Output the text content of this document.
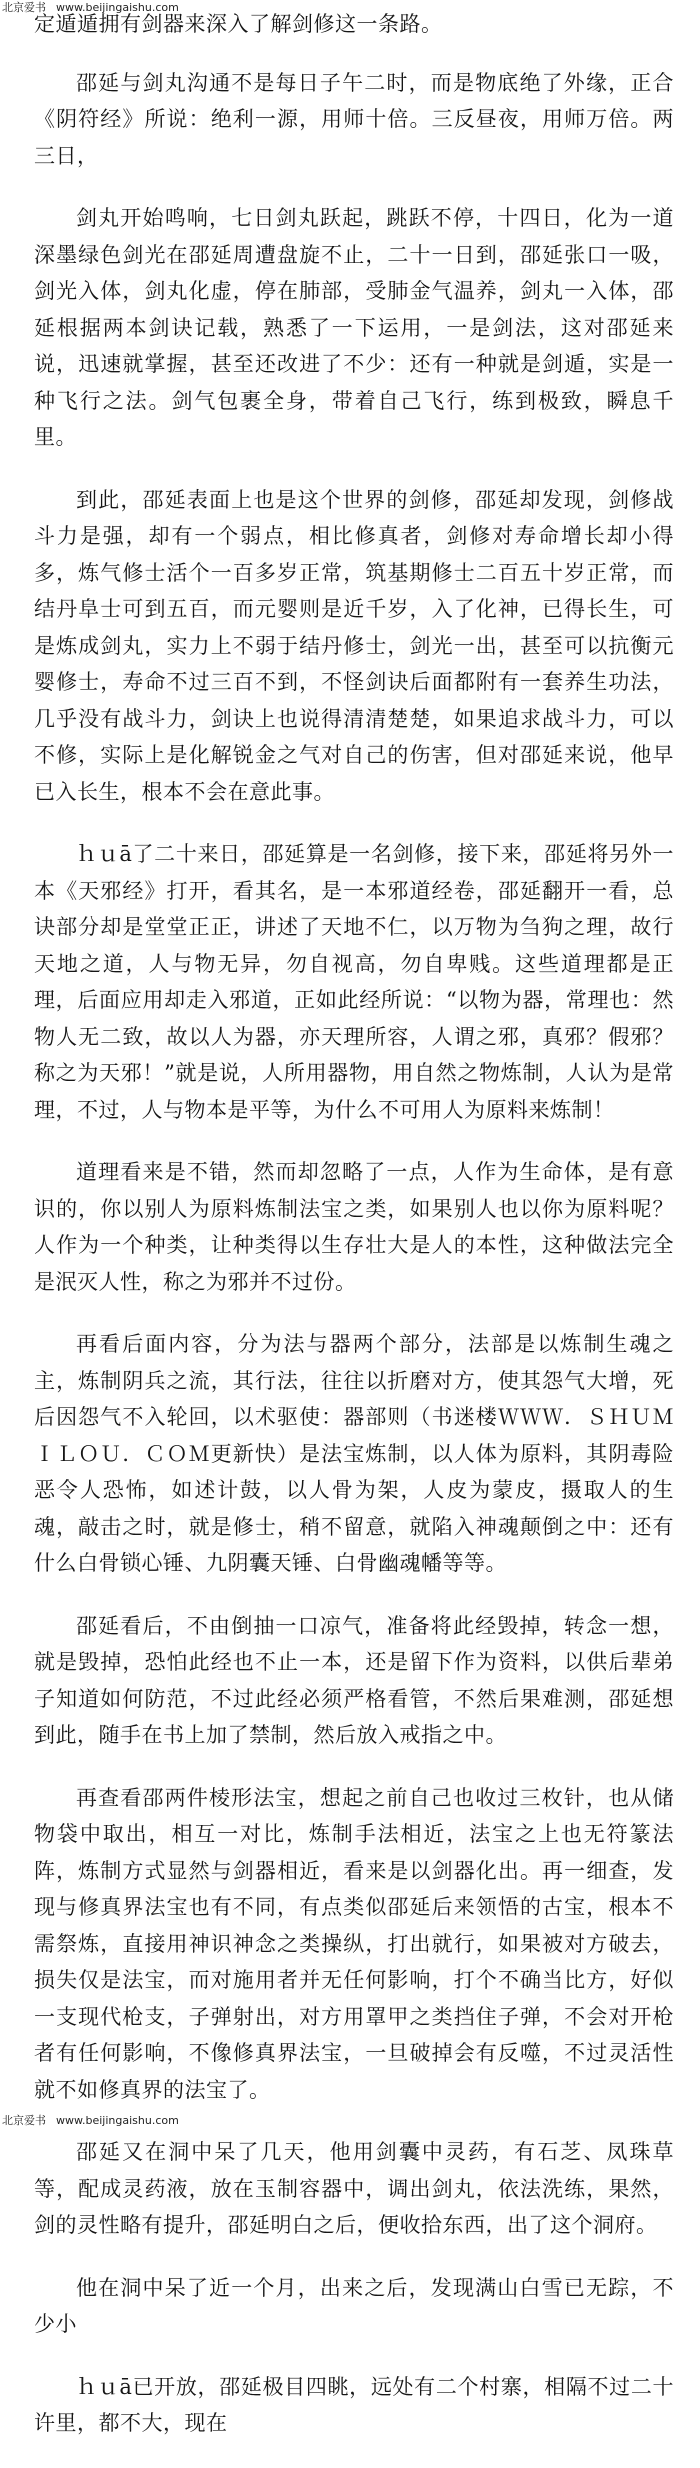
北京爱书 www.beijingaishu.com

定遁遁拥有剑器来深入了解剑修这一条路。

邵延与剑丸沟通不是每日子午二时，而是物底绝了外缘，正合《阴符经》所说：绝利一源，用师十倍。三反昼夜，用师万倍。两三日，

剑丸开始鸣响，七日剑丸跃起，跳跃不停，十四日，化为一道深墨绿色剑光在邵延周遭盘旋不止，二十一日到，邵延张口一吸，剑光入体，剑丸化虚，停在肺部，受肺金气温养，剑丸一入体，邵延根据两本剑诀记载，熟悉了一下运用，一是剑法，这对邵延来说，迅速就掌握，甚至还改进了不少：还有一种就是剑遁，实是一种飞行之法。剑气包裹全身，带着自己飞行，练到极致，瞬息千里。

到此，邵延表面上也是这个世界的剑修，邵延却发现，剑修战斗力是强，却有一个弱点，相比修真者，剑修对寿命增长却小得多，炼气修士活个一百多岁正常，筑基期修士二百五十岁正常，而结丹阜士可到五百，而元婴则是近千岁，入了化神，已得长生，可是炼成剑丸，实力上不弱于结丹修士，剑光一出，甚至可以抗衡元婴修士，寿命不过三百不到，不怪剑诀后面都附有一套养生功法，几乎没有战斗力，剑诀上也说得清清楚楚，如果追求战斗力，可以不修，实际上是化解锐金之气对自己的伤害，但对邵延来说，他早已入长生，根本不会在意此事。

ｈｕā了二十来日，邵延算是一名剑修，接下来，邵延将另外一本《天邪经》打开，看其名，是一本邪道经卷，邵延翻开一看，总诀部分却是堂堂正正，讲述了天地不仁，以万物为刍狗之理，故行天地之道，人与物无异，勿自视高，勿自卑贱。这些道理都是正理，后面应用却走入邪道，正如此经所说：“以物为器，常理也：然物人无二致，故以人为器，亦天理所容，人谓之邪，真邪？假邪？称之为天邪！”就是说，人所用器物，用自然之物炼制，人认为是常理，不过，人与物本是平等，为什么不可用人为原料来炼制！

道理看来是不错，然而却忽略了一点，人作为生命体，是有意识的，你以别人为原料炼制法宝之类，如果别人也以你为原料呢？人作为一个种类，让种类得以生存壮大是人的本性，这种做法完全是泯灭人性，称之为邪并不过份。

再看后面内容，分为法与器两个部分，法部是以炼制生魂之主，炼制阴兵之流，其行法，往往以折磨对方，使其怨气大增，死后因怨气不入轮回，以术驱使：器部则（书迷楼ＷＷＷ．ＳＨＵＭＩＬＯＵ．ＣＯＭ更新快）是法宝炼制，以人体为原料，其阴毒险恶令人恐怖，如述计鼓，以人骨为架，人皮为蒙皮，摄取人的生魂，敲击之时，就是修士，稍不留意，就陷入神魂颠倒之中：还有什么白骨锁心锤、九阴囊天锤、白骨幽魂幡等等。

邵延看后，不由倒抽一口凉气，准备将此经毁掉，转念一想，就是毁掉，恐怕此经也不止一本，还是留下作为资料，以供后辈弟子知道如何防范，不过此经必须严格看管，不然后果难测，邵延想到此，随手在书上加了禁制，然后放入戒指之中。

再查看邵两件棱形法宝，想起之前自己也收过三枚针，也从储物袋中取出，相互一对比，炼制手法相近，法宝之上也无符篆法阵，炼制方式显然与剑器相近，看来是以剑器化出。再一细查，发现与修真界法宝也有不同，有点类似邵延后来领悟的古宝，根本不需祭炼，直接用神识神念之类操纵，打出就行，如果被对方破去，损失仅是法宝，而对施用者并无任何影响，打个不确当比方，好似一支现代枪支，子弹射出，对方用罩甲之类挡住子弹，不会对开枪者有任何影响，不像修真界法宝，一旦破掉会有反噬，不过灵活性就不如修真界的法宝了。

邵延又在洞中呆了几天，他用剑囊中灵药，有石芝、凤珠草等，配成灵药液，放在玉制容器中，调出剑丸，依法洗练，果然，剑的灵性略有提升，邵延明白之后，便收拾东西，出了这个洞府。

他在洞中呆了近一个月，出来之后，发现满山白雪已无踪，不少小

ｈｕā已开放，邵延极目四眺，远处有二个村寨，相隔不过二十许里，都不大，现在

北京爱书 www.beijingaishu.com
